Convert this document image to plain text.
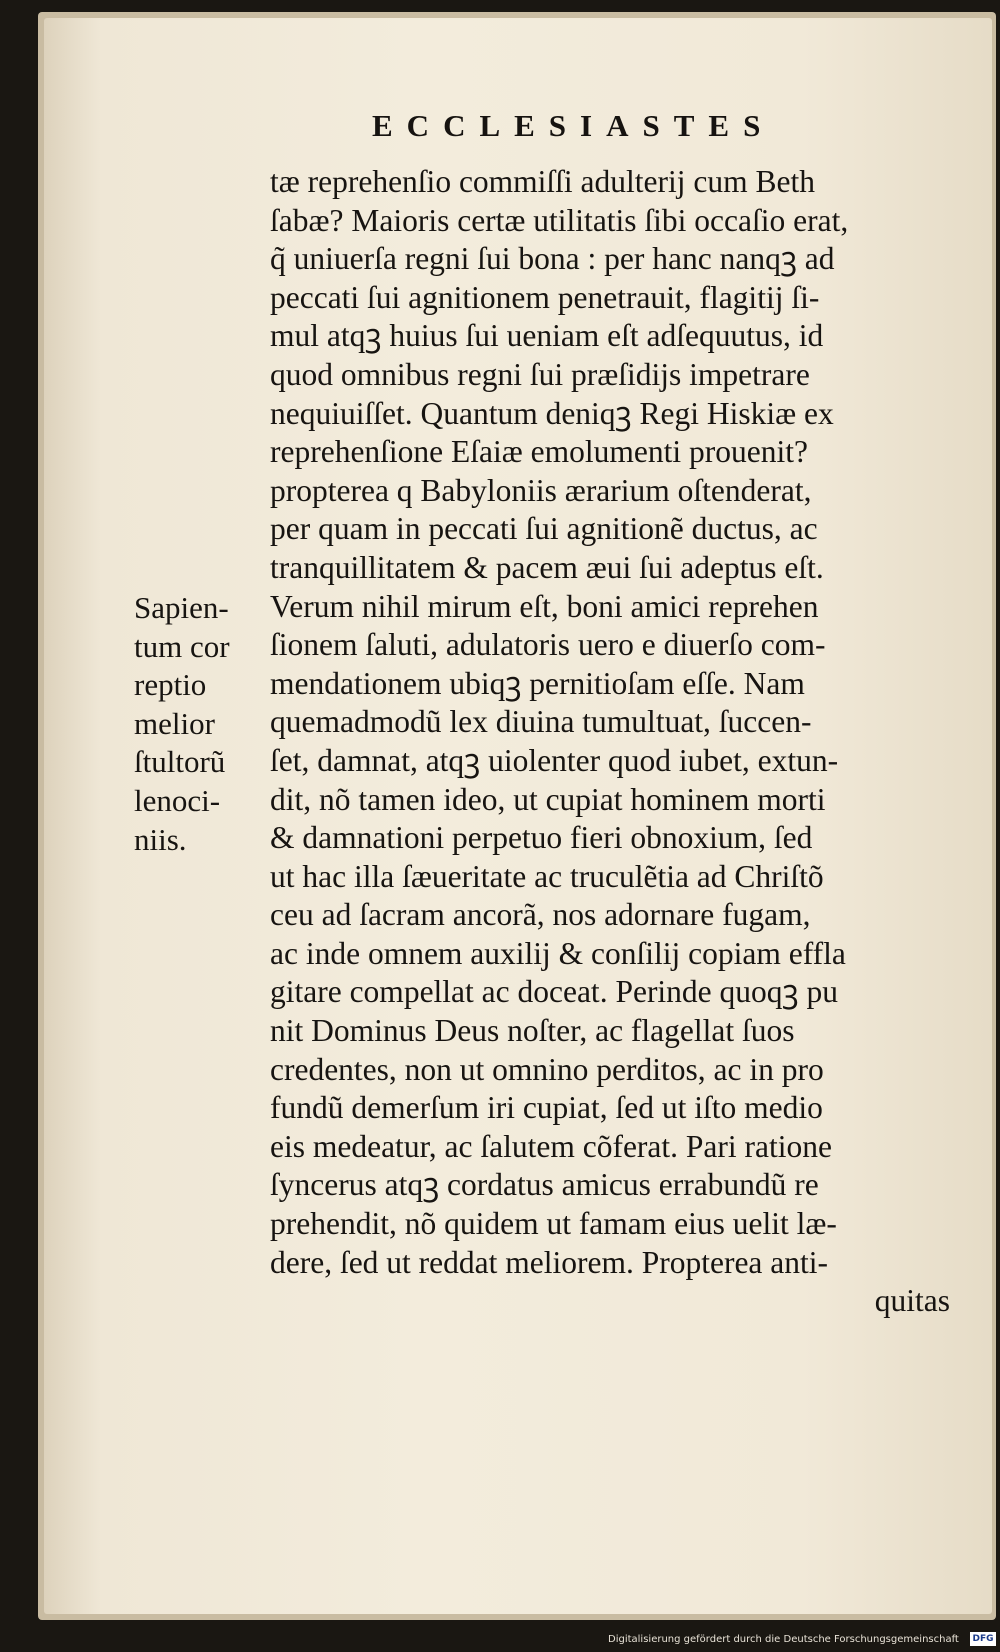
ECCLESIASTES
tæ reprehenſio commiſſi adulterij cum Beth
ſabæ? Maioris certæ utilitatis ſibi occaſio erat,
q̃ uniuerſa regni ſui bona : per hanc nanqꝫ ad
peccati ſui agnitionem penetrauit, flagitij ſi-
mul atqꝫ huius ſui ueniam eſt adſequutus, id
quod omnibus regni ſui præſidijs impetrare
nequiuiſſet. Quantum deniqꝫ Regi Hiskiæ ex
reprehenſione Eſaiæ emolumenti prouenit?
propterea q Babyloniis ærarium oſtenderat,
per quam in peccati ſui agnitionẽ ductus, ac
tranquillitatem & pacem æui ſui adeptus eſt.
Verum nihil mirum eſt, boni amici reprehen
ſionem ſaluti, adulatoris uero e diuerſo com-
mendationem ubiqꝫ pernitioſam eſſe. Nam
quemadmodũ lex diuina tumultuat, ſuccen-
ſet, damnat, atqꝫ uiolenter quod iubet, extun-
dit, nõ tamen ideo, ut cupiat hominem morti
& damnationi perpetuo fieri obnoxium, ſed
ut hac illa ſæueritate ac truculẽtia ad Chriſtõ
ceu ad ſacram ancorã, nos adornare fugam,
ac inde omnem auxilij & conſilij copiam effla
gitare compellat ac doceat. Perinde quoqꝫ pu
nit Dominus Deus noſter, ac flagellat ſuos
credentes, non ut omnino perditos, ac in pro
fundũ demerſum iri cupiat, ſed ut iſto medio
eis medeatur, ac ſalutem cõferat. Pari ratione
ſyncerus atqꝫ cordatus amicus errabundũ re
prehendit, nõ quidem ut famam eius uelit læ-
dere, ſed ut reddat meliorem. Propterea anti-
quitas
Sapien-
tum cor
reptio
melior
ſtultorũ
lenoci-
niis.
Digitalisierung gefördert durch die Deutsche Forschungsgemeinschaft DFG
